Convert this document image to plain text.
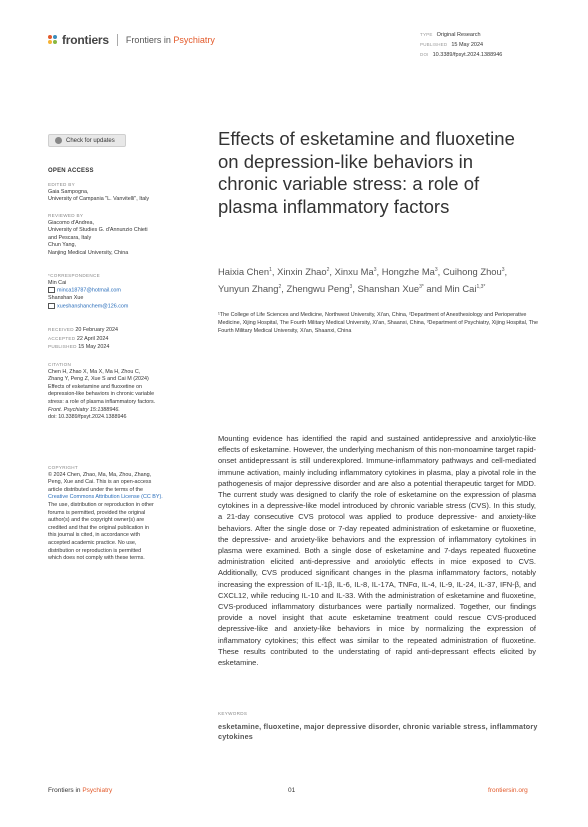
frontiers Frontiers in Psychiatry
TYPE Original Research
PUBLISHED 15 May 2024
DOI 10.3389/fpsyt.2024.1388946
Check for updates
OPEN ACCESS
EDITED BY
Gaia Sampogna,
University of Campania "L. Vanvitelli", Italy
REVIEWED BY
Giacomo d'Andrea,
University of Studies G. d'Annunzio Chieti
and Pescara, Italy
Chun Yang,
Nanjing Medical University, China
*CORRESPONDENCE
Min Cai
minca18787@hotmail.com
Shanshan Xue
xueshanshanchem@126.com
RECEIVED 20 February 2024
ACCEPTED 22 April 2024
PUBLISHED 15 May 2024
CITATION
Chen H, Zhao X, Ma X, Ma H, Zhou C,
Zhang Y, Peng Z, Xue S and Cai M (2024)
Effects of esketamine and fluoxetine on
depression-like behaviors in chronic variable
stress: a role of plasma inflammatory factors.
Front. Psychiatry 15:1388946.
doi: 10.3389/fpsyt.2024.1388946
COPYRIGHT
© 2024 Chen, Zhao, Ma, Ma, Zhou, Zhang,
Peng, Xue and Cai. This is an open-access
article distributed under the terms of the
Creative Commons Attribution License (CC BY).
The use, distribution or reproduction in other
forums is permitted, provided the original
author(s) and the copyright owner(s) are
credited and that the original publication in
this journal is cited, in accordance with
accepted academic practice. No use,
distribution or reproduction is permitted
which does not comply with these terms.
Effects of esketamine and fluoxetine on depression-like behaviors in chronic variable stress: a role of plasma inflammatory factors
Haixia Chen$^1$, Xinxin Zhao$^2$, Xinxu Ma$^3$, Hongzhe Ma$^3$, Cuihong Zhou$^3$, Yunyun Zhang$^2$, Zhengwu Peng$^3$, Shanshan Xue$^{3*}$ and Min Cai$^{1,3*}$
¹The College of Life Sciences and Medicine, Northwest University, Xi'an, China, ²Department of Anesthesiology and Perioperative Medicine, Xijing Hospital, The Fourth Military Medical University, Xi'an, Shaanxi, China, ³Department of Psychiatry, Xijing Hospital, The Fourth Military Medical University, Xi'an, Shaanxi, China
Mounting evidence has identified the rapid and sustained antidepressive and anxiolytic-like effects of esketamine. However, the underlying mechanism of this non-monoamine target rapid-onset antidepressant is still underexplored. Immune-inflammatory pathways and cell-mediated immune activation, mainly including inflammatory cytokines in plasma, play a pivotal role in the pathogenesis of major depressive disorder and are also a potential therapeutic target for MDD. The current study was designed to clarify the role of esketamine on the expression of plasma cytokines in a depressive-like model introduced by chronic variable stress (CVS). In this study, a 21-day consecutive CVS protocol was applied to produce depressive- and anxiety-like behaviors. After the single dose or 7-day repeated administration of esketamine or fluoxetine, the depressive- and anxiety-like behaviors and the expression of inflammatory cytokines in plasma were examined. Both a single dose of esketamine and 7-days repeated fluoxetine administration elicited anti-depressive and anxiolytic effects in mice exposed to CVS. Additionally, CVS produced significant changes in the plasma inflammatory factors, notably increasing the expression of IL-1β, IL-6, IL-8, IL-17A, TNFα, IL-4, IL-9, IL-24, IL-37, IFN-β, and CXCL12, while reducing IL-10 and IL-33. With the administration of esketamine and fluoxetine, CVS-produced inflammatory disturbances were partially normalized. Together, our findings provide a novel insight that acute esketamine treatment could rescue CVS-produced depressive-like and anxiety-like behaviors in mice by normalizing the expression of inflammatory cytokines; this effect was similar to the repeated administration of fluoxetine. These results contributed to the understating of rapid anti-depressant effects elicited by esketamine.
KEYWORDS
esketamine, fluoxetine, major depressive disorder, chronic variable stress, inflammatory cytokines
Frontiers in Psychiatry	01	frontiersin.org
